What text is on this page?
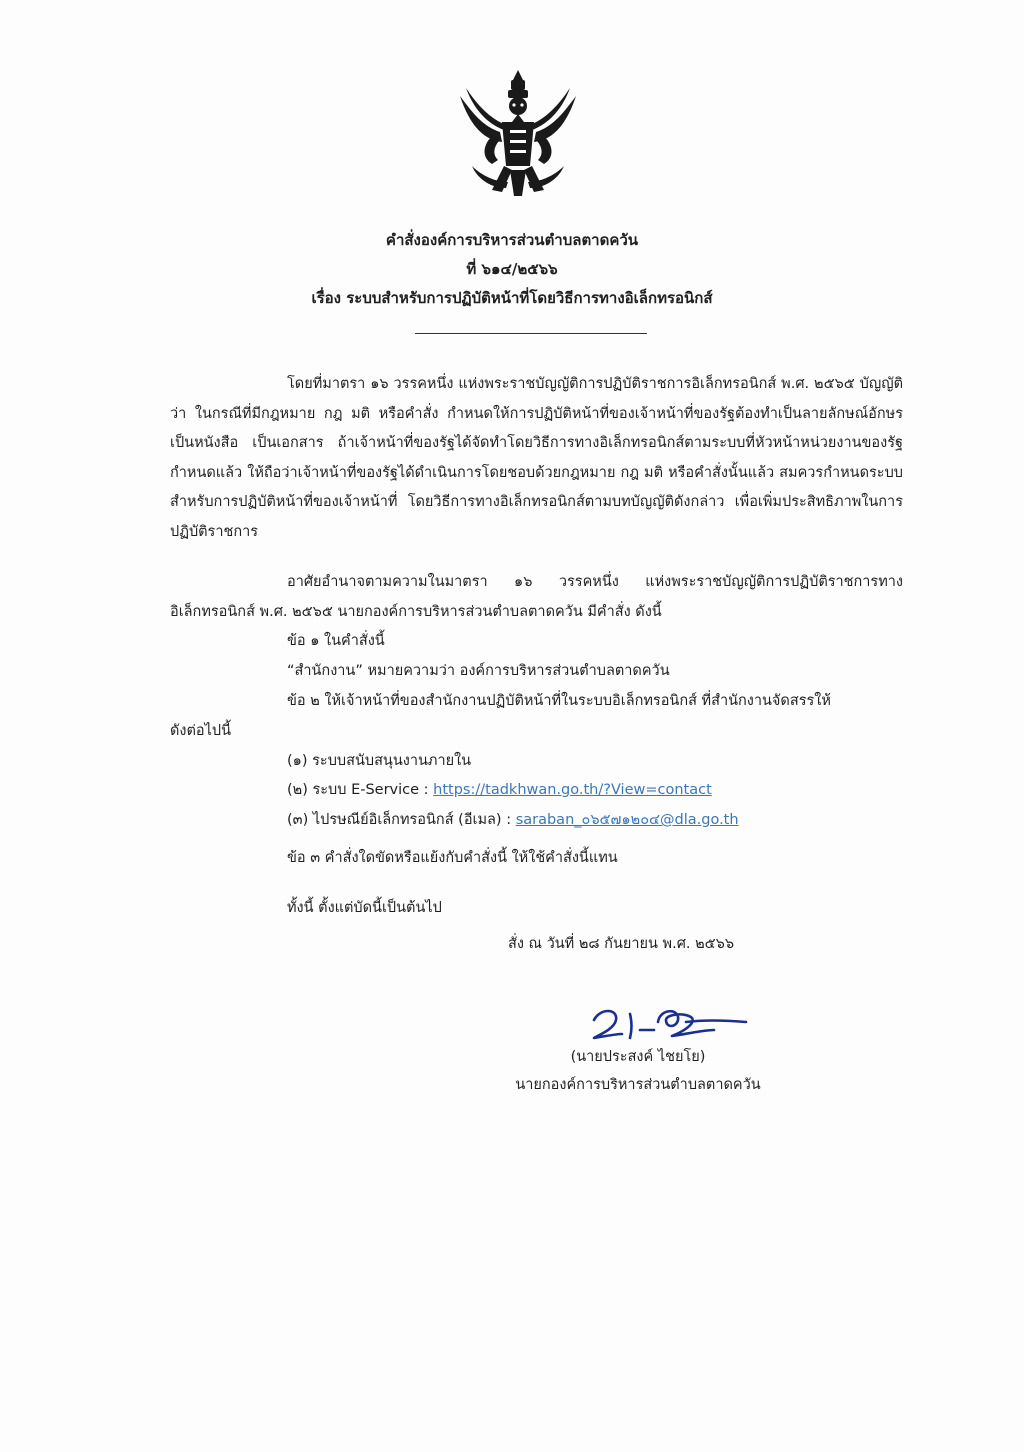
คำสั่งองค์การบริหารส่วนตำบลตาดควัน
ที่ ๖๑๔/๒๕๖๖
เรื่อง ระบบสำหรับการปฏิบัติหน้าที่โดยวิธีการทางอิเล็กทรอนิกส์
โดยที่มาตรา ๑๖ วรรคหนึ่ง แห่งพระราชบัญญัติการปฏิบัติราชการอิเล็กทรอนิกส์ พ.ศ. ๒๕๖๕ บัญญัติว่า ในกรณีที่มีกฎหมาย กฎ มติ หรือคำสั่ง กำหนดให้การปฏิบัติหน้าที่ของเจ้าหน้าที่ของรัฐต้องทำเป็นลายลักษณ์อักษร เป็นหนังสือ เป็นเอกสาร ถ้าเจ้าหน้าที่ของรัฐได้จัดทำโดยวิธีการทางอิเล็กทรอนิกส์ตามระบบที่หัวหน้าหน่วยงานของรัฐกำหนดแล้ว ให้ถือว่าเจ้าหน้าที่ของรัฐได้ดำเนินการโดยชอบด้วยกฎหมาย กฎ มติ หรือคำสั่งนั้นแล้ว สมควรกำหนดระบบสำหรับการปฏิบัติหน้าที่ของเจ้าหน้าที่ โดยวิธีการทางอิเล็กทรอนิกส์ตามบทบัญญัติดังกล่าว เพื่อเพิ่มประสิทธิภาพในการปฏิบัติราชการ
อาศัยอำนาจตามความในมาตรา ๑๖ วรรคหนึ่ง แห่งพระราชบัญญัติการปฏิบัติราชการทางอิเล็กทรอนิกส์ พ.ศ. ๒๕๖๕ นายกองค์การบริหารส่วนตำบลตาดควัน มีคำสั่ง ดังนี้
ข้อ ๑ ในคำสั่งนี้
“สำนักงาน” หมายความว่า องค์การบริหารส่วนตำบลตาดควัน
ข้อ ๒ ให้เจ้าหน้าที่ของสำนักงานปฏิบัติหน้าที่ในระบบอิเล็กทรอนิกส์ ที่สำนักงานจัดสรรให้
ดังต่อไปนี้
(๑) ระบบสนับสนุนงานภายใน
(๒) ระบบ E-Service : https://tadkhwan.go.th/?View=contact
(๓) ไปรษณีย์อิเล็กทรอนิกส์ (อีเมล) : saraban_๐๖๕๗๑๒๐๔@dla.go.th
ข้อ ๓ คำสั่งใดขัดหรือแย้งกับคำสั่งนี้ ให้ใช้คำสั่งนี้แทน
ทั้งนี้ ตั้งแต่บัดนี้เป็นต้นไป
สั่ง ณ วันที่ ๒๘ กันยายน พ.ศ. ๒๕๖๖
(นายประสงค์ ไชยโย)
นายกองค์การบริหารส่วนตำบลตาดควัน
